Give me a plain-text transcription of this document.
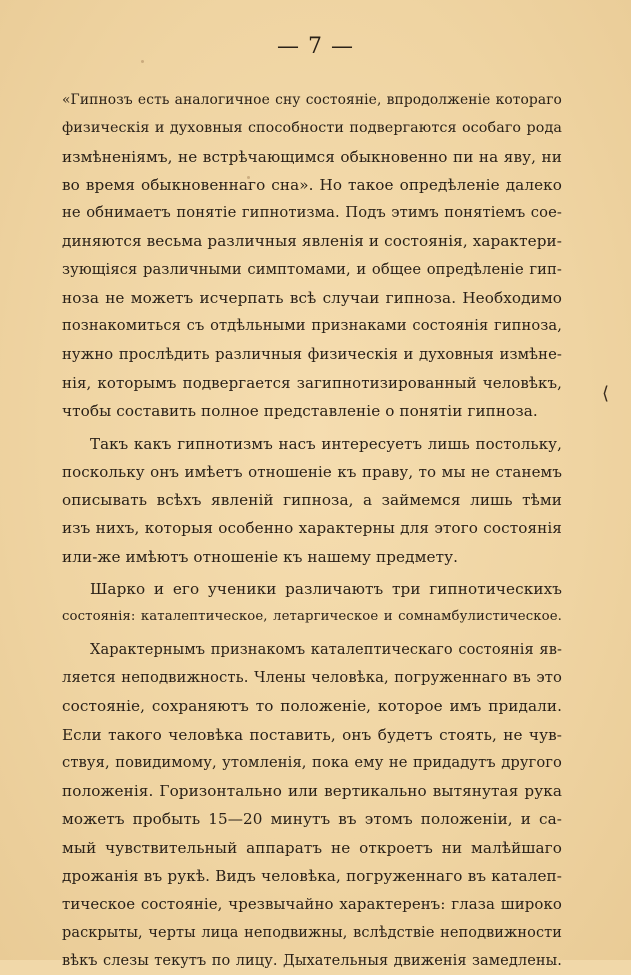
— 7 —
⟨
«Гипнозъ есть аналогичное сну состоянiе, впродолженiе котораго
физическiя и духовныя способности подвергаются особагo рода
измѣненiямъ, не встрѣчающимся обыкновенно пи на яву, ни
во время обыкновеннагo сна». Но такое опредѣленiе далеко
не обнимаетъ понятiе гипнотизма. Подъ этимъ понятiемъ сое-
диняются весьма различныя явленiя и состоянiя, характери-
зующiяся различными симптомами, и общее опредѣленiе гип-
ноза не можетъ исчерпать всѣ случаи гипноза. Необходимо
познакомиться съ отдѣльными признаками состоянiя гипноза,
нужно прослѣдить различныя физическiя и духовныя измѣне-
нiя, которымъ подвергается загипнотизированный человѣкъ,
чтобы составить полное представленiе о понятiи гипноза.
Такъ какъ гипнотизмъ насъ интересуетъ лишь постольку,
поскольку онъ имѣетъ отношенiе къ праву, то мы не станемъ
описывать всѣхъ явленiй гипноза, а займемся лишь тѣми
изъ нихъ, которыя особенно характерны для этого состоянiя
или-же имѣютъ отношенiе къ нашему предмету.
Шарко и его ученики различаютъ три гипнотическихъ
состоянiя: каталептическое, летаргическое и сомнамбулистическое.
Характернымъ признакомъ каталептическагo состоянiя яв-
ляется неподвижность. Члены человѣка, погруженнагo въ это
состоянiе, сохраняютъ то положенiе, которое имъ придали.
Если такого человѣка поставить, онъ будетъ стоять, не чув-
ствуя, повидимому, утомленiя, пока ему не придадутъ другого
положенiя. Горизонтально или вертикально вытянутая рука
можетъ пробыть 15—20 минутъ въ этомъ положенiи, и са-
мый чувствительный аппаратъ не откроетъ ни малѣйшагo
дрожанiя въ рукѣ. Видъ человѣка, погруженнагo въ каталеп-
тическое состоянiе, чрезвычайно характеренъ: глаза широко
раскрыты, черты лица неподвижны, вслѣдствiе неподвижности
вѣкъ слезы текутъ по лицу. Дыхательныя движенiя замедлены.
